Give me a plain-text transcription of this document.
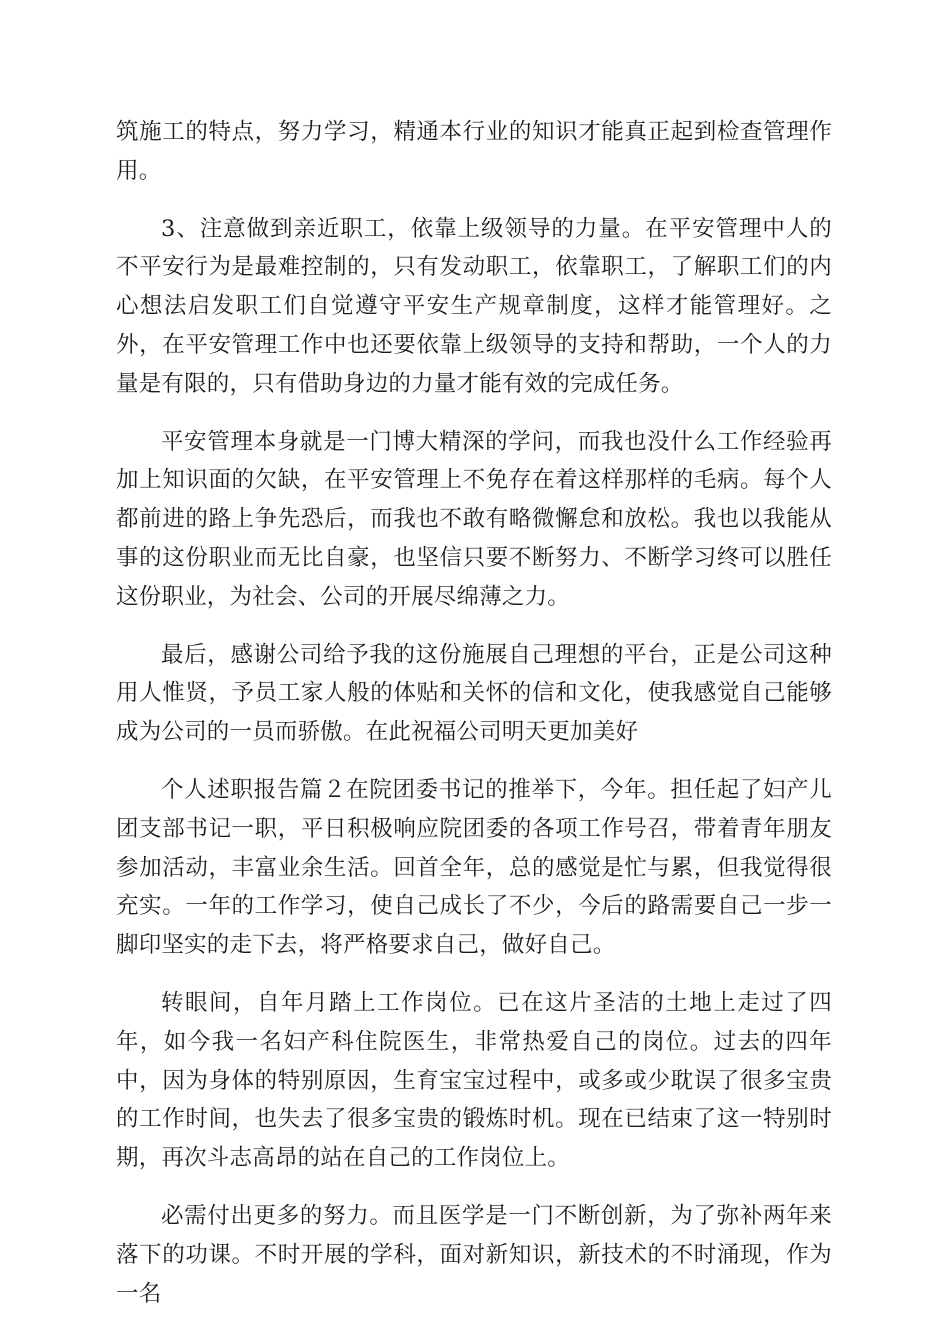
筑施工的特点，努力学习，精通本行业的知识才能真正起到检查管理作用。

3、注意做到亲近职工，依靠上级领导的力量。在平安管理中人的不平安行为是最难控制的，只有发动职工，依靠职工，了解职工们的内心想法启发职工们自觉遵守平安生产规章制度，这样才能管理好。之外，在平安管理工作中也还要依靠上级领导的支持和帮助，一个人的力量是有限的，只有借助身边的力量才能有效的完成任务。

平安管理本身就是一门博大精深的学问，而我也没什么工作经验再加上知识面的欠缺，在平安管理上不免存在着这样那样的毛病。每个人都前进的路上争先恐后，而我也不敢有略微懈怠和放松。我也以我能从事的这份职业而无比自豪，也坚信只要不断努力、不断学习终可以胜任这份职业，为社会、公司的开展尽绵薄之力。

最后，感谢公司给予我的这份施展自己理想的平台，正是公司这种用人惟贤，予员工家人般的体贴和关怀的信和文化，使我感觉自己能够成为公司的一员而骄傲。在此祝福公司明天更加美好

个人述职报告篇２在院团委书记的推举下，今年。担任起了妇产儿团支部书记一职，平日积极响应院团委的各项工作号召，带着青年朋友参加活动，丰富业余生活。回首全年，总的感觉是忙与累，但我觉得很充实。一年的工作学习，使自己成长了不少，今后的路需要自己一步一脚印坚实的走下去，将严格要求自己，做好自己。

转眼间，自年月踏上工作岗位。已在这片圣洁的土地上走过了四年，如今我一名妇产科住院医生，非常热爱自己的岗位。过去的四年中，因为身体的特别原因，生育宝宝过程中，或多或少耽误了很多宝贵的工作时间，也失去了很多宝贵的锻炼时机。现在已结束了这一特别时期，再次斗志高昂的站在自己的工作岗位上。

必需付出更多的努力。而且医学是一门不断创新，为了弥补两年来落下的功课。不时开展的学科，面对新知识，新技术的不时涌现，作为一名
